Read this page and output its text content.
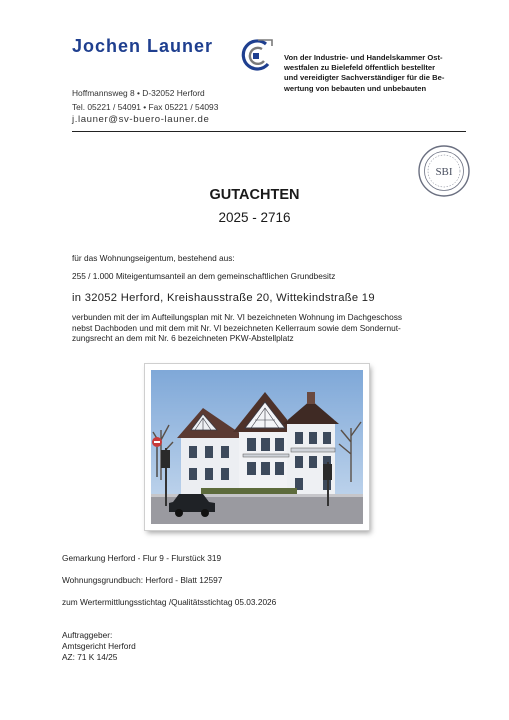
Jochen Launer
Von der Industrie- und Handelskammer Ost-
westfalen zu Bielefeld öffentlich bestellter
und vereidigter Sachverständiger für die Be-
wertung von bebauten und unbebauten
Hoffmannsweg 8 • D-32052 Herford
Tel. 05221 / 54091 • Fax 05221 / 54093
j.launer@sv-buero-launer.de
SBI
GUTACHTEN
2025 - 2716
für das Wohnungseigentum, bestehend aus:
255 / 1.000 Miteigentumsanteil an dem gemeinschaftlichen Grundbesitz
in 32052 Herford, Kreishausstraße 20, Wittekindstraße 19
verbunden mit der im Aufteilungsplan mit Nr. VI bezeichneten Wohnung im Dachgeschoss
nebst Dachboden und mit dem mit Nr. VI bezeichneten Kellerraum sowie dem Sondernut-
zungsrecht an dem mit Nr. 6 bezeichneten PKW-Abstellplatz
Gemarkung Herford - Flur 9 - Flurstück 319
Wohnungsgrundbuch: Herford - Blatt 12597
zum Wertermittlungsstichtag /Qualitätsstichtag 05.03.2026
Auftraggeber:
Amtsgericht Herford
AZ: 71 K 14/25
